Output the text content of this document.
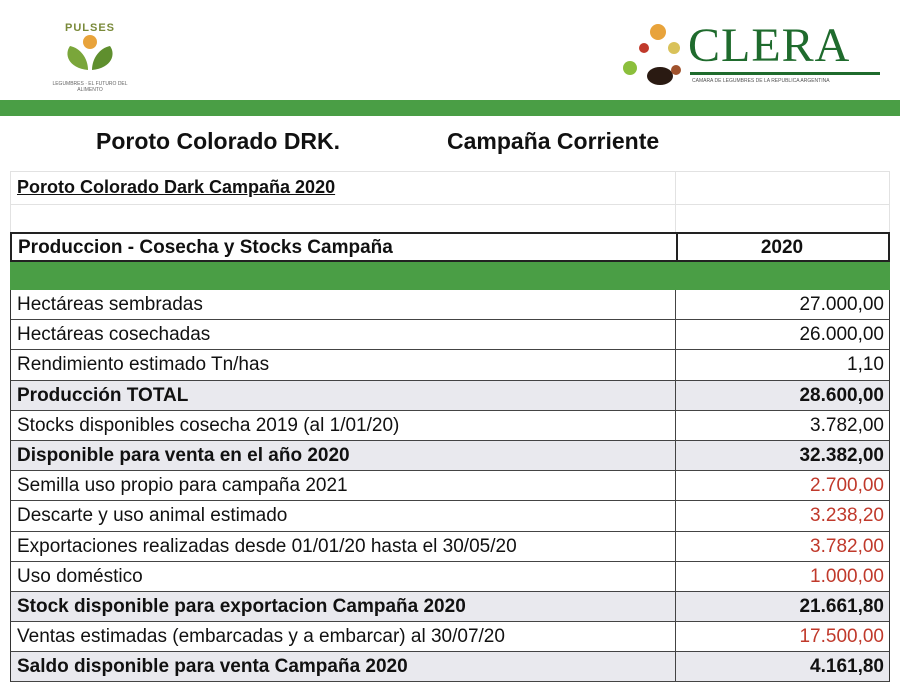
PULSES
LEGUMBRES · EL FUTURO DEL ALIMENTO
CLERA
CAMARA DE LEGUMBRES DE LA REPUBLICA ARGENTINA
Poroto Colorado DRK.	Campaña Corriente
Poroto Colorado Dark Campaña 2020
Produccion - Cosecha y Stocks Campaña	2020
Hectáreas sembradas	27.000,00
Hectáreas cosechadas	26.000,00
Rendimiento estimado Tn/has	1,10
Producción TOTAL	28.600,00
Stocks disponibles cosecha 2019 (al 1/01/20)	3.782,00
Disponible para venta en el año 2020	32.382,00
Semilla uso propio para campaña 2021	2.700,00
Descarte y uso animal estimado	3.238,20
Exportaciones realizadas desde 01/01/20 hasta el 30/05/20	3.782,00
Uso doméstico	1.000,00
Stock disponible para exportacion Campaña 2020	21.661,80
Ventas estimadas (embarcadas y a embarcar) al 30/07/20	17.500,00
Saldo disponible para venta Campaña 2020	4.161,80
